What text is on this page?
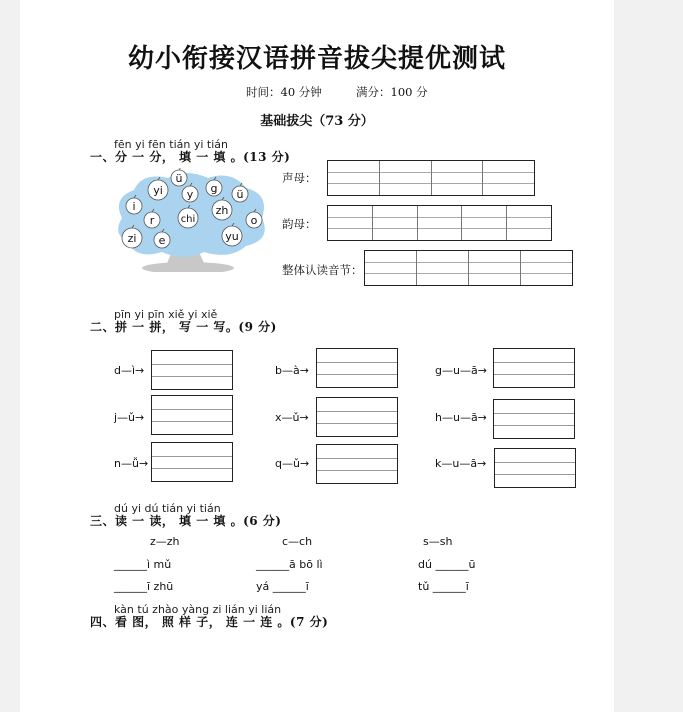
幼小衔接汉语拼音拔尖提优测试
时间：40 分钟	满分：100 分
基础拔尖（73 分）
fēn yi fēn tián yi tián
一、分 一 分， 填 一 填 。(13 分)
ü
yi y g ü
i
r	chi
zh
o
zi e	yu
声母：
韵母：
整体认读音节：
pīn yi pīn xiě yi xiě
二、拼 一 拼， 写 一 写。(9 分)
d—ì→	b—à→	g—u—ā→
j—ǔ→	x—ǔ→	h—u—ā→
n—ǚ→	q—ǔ→	k—u—ā→
dú yi dú tián yi tián
三、读 一 读， 填 一 填 。(6 分)
z—zh	c—ch	s—sh
______ì mǔ	______ā bō lì	dú ______ū
______ī zhū	yá ______ī	tǔ ______ī
kàn tú zhào yàng zi lián yi lián
四、看 图， 照 样 子， 连 一 连 。(7 分)
